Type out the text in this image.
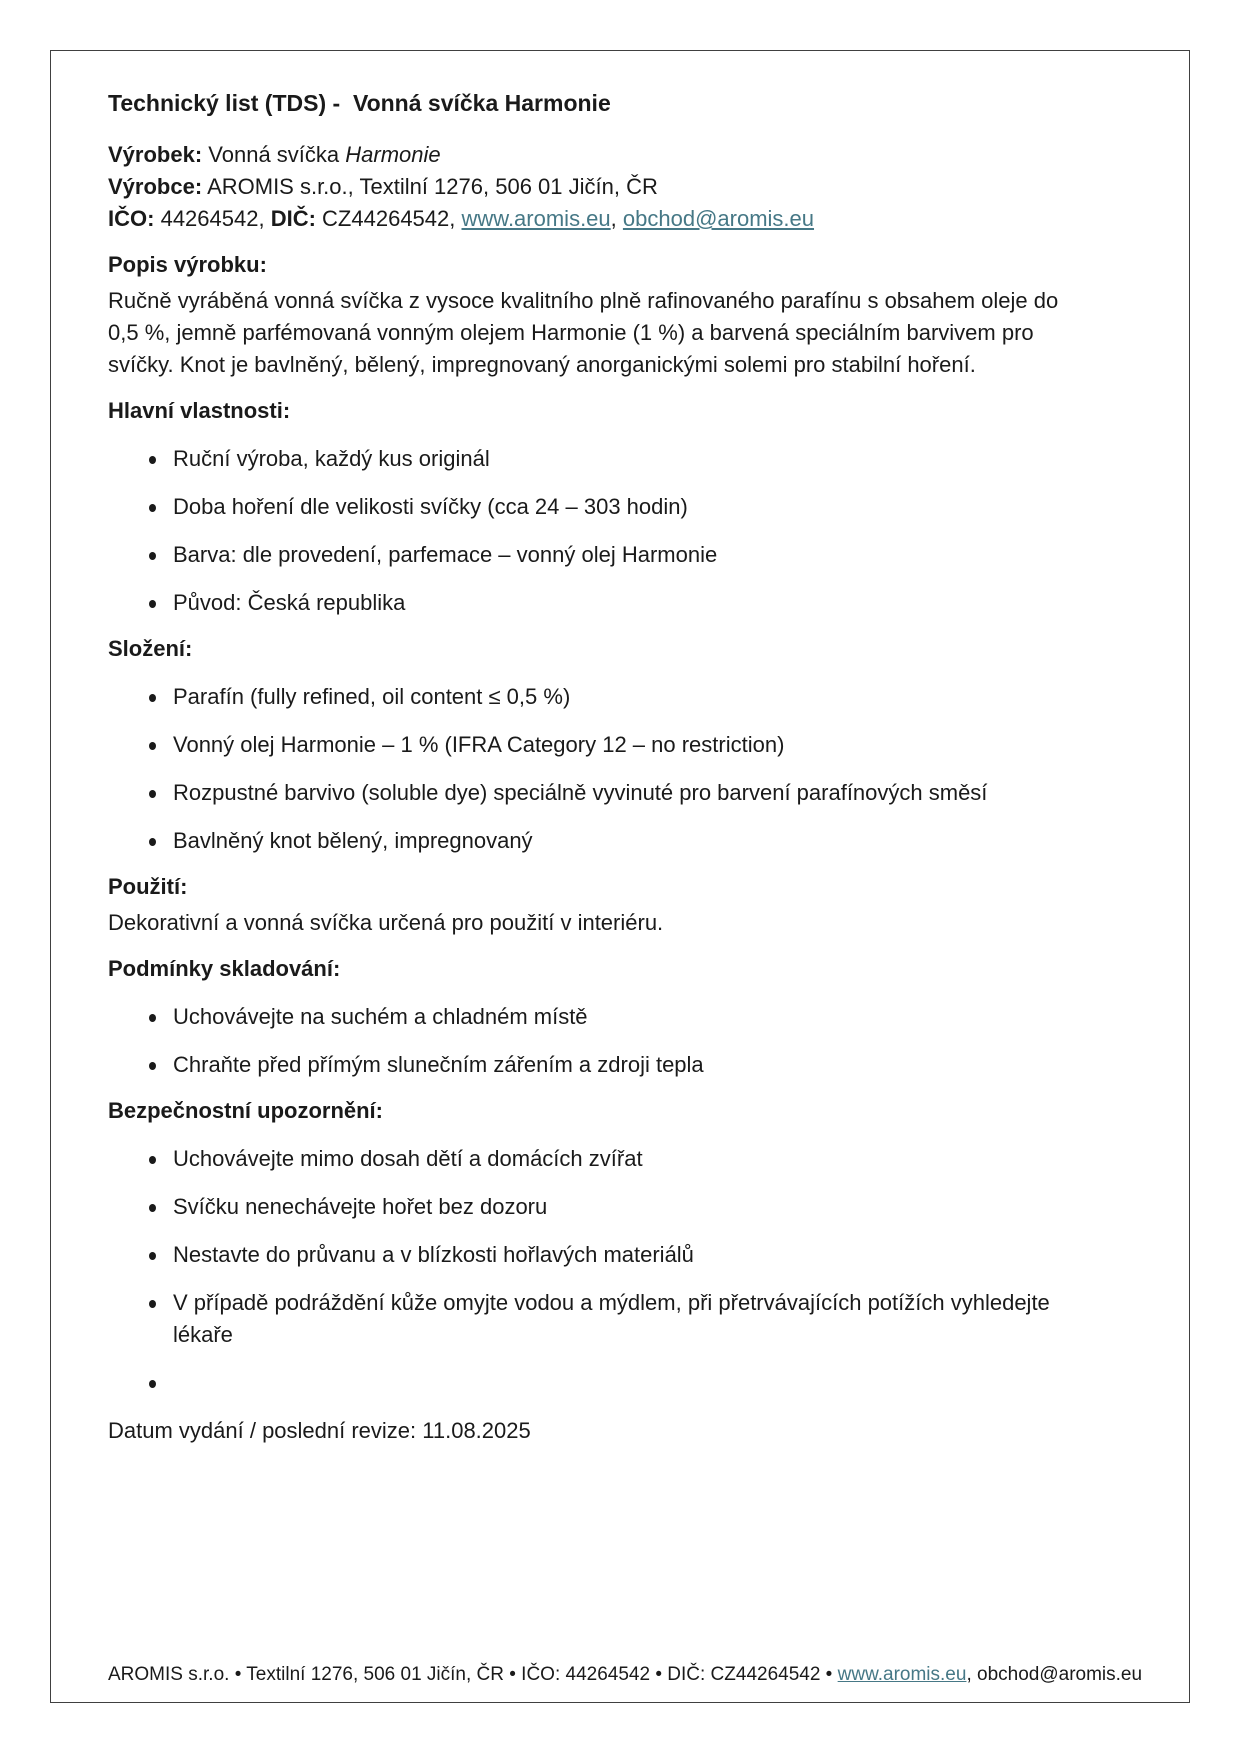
Technický list (TDS) -  Vonná svíčka Harmonie
Výrobek: Vonná svíčka Harmonie
Výrobce: AROMIS s.r.o., Textilní 1276, 506 01 Jičín, ČR
IČO: 44264542, DIČ: CZ44264542, www.aromis.eu, obchod@aromis.eu
Popis výrobku:

Ručně vyráběná vonná svíčka z vysoce kvalitního plně rafinovaného parafínu s obsahem oleje do 0,5 %, jemně parfémovaná vonným olejem Harmonie (1 %) a barvená speciálním barvivem pro svíčky. Knot je bavlněný, bělený, impregnovaný anorganickými solemi pro stabilní hoření.

Hlavní vlastnosti:
Ruční výroba, každý kus originál
Doba hoření dle velikosti svíčky (cca 24 – 303 hodin)
Barva: dle provedení, parfemace – vonný olej Harmonie
Původ: Česká republika
Složení:
Parafín (fully refined, oil content ≤ 0,5 %)
Vonný olej Harmonie – 1 % (IFRA Category 12 – no restriction)
Rozpustné barvivo (soluble dye) speciálně vyvinuté pro barvení parafínových směsí
Bavlněný knot bělený, impregnovaný
Použití:

Dekorativní a vonná svíčka určená pro použití v interiéru.

Podmínky skladování:
Uchovávejte na suchém a chladném místě
Chraňte před přímým slunečním zářením a zdroji tepla
Bezpečnostní upozornění:
Uchovávejte mimo dosah dětí a domácích zvířat
Svíčku nenechávejte hořet bez dozoru
Nestavte do průvanu a v blízkosti hořlavých materiálů
V případě podráždění kůže omyjte vodou a mýdlem, při přetrvávajících potížích vyhledejte lékaře

Datum vydání / poslední revize: 11.08.2025

AROMIS s.r.o. • Textilní 1276, 506 01 Jičín, ČR • IČO: 44264542 • DIČ: CZ44264542 • www.aromis.eu, obchod@aromis.eu
